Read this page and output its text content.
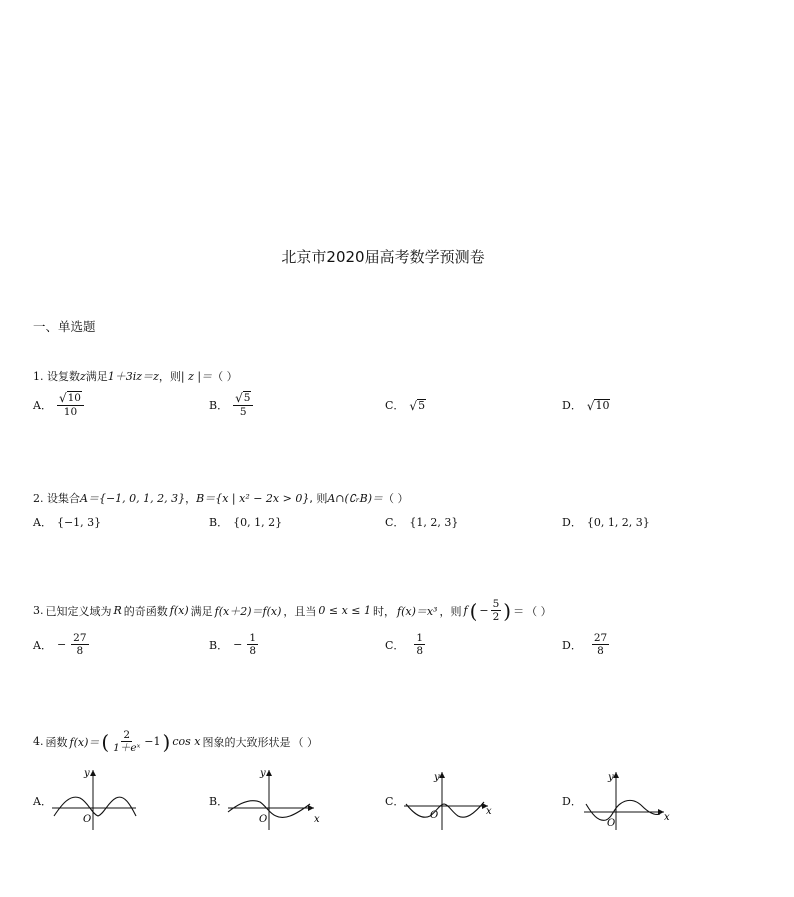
北京市2020届高考数学预测卷
一、单选题
1. 设复数z满足1＋3iz＝z，则| z |＝（ ）
A． $\frac{√ 10}{10}$	B． $\frac{√ 5}{5}$	C． √ 5	D． √ 10
2. 设集合A＝{−1, 0, 1, 2, 3}，B＝{x | x² − 2x > 0}, 则A∩(∁ᵣB)＝（ ）
A． {−1, 3}	B． {0, 1, 2}	C． {1, 2, 3}	D． {0, 1, 2, 3}
3. 已知定义域为 R 的奇函数 f(x) 满足 f(x＋2)＝f(x) ，且当 0 ≤ x ≤ 1 时， f(x)＝x³ ，则 f ( − $\frac{5}{2}$ ) ＝ （ ）
A． − $\frac{27}{8}$	B． − $\frac{1}{8}$	C． $\frac{1}{8}$	D． $\frac{27}{8}$
4. 函数 f(x)＝ ( $\frac{2}{\text{1＋eˣ}} -1$ ) cos x 图象的大致形状是 （ ）
A．
y
O
B．
y
O	x
C．
y
O	x
D．
y
O
x
